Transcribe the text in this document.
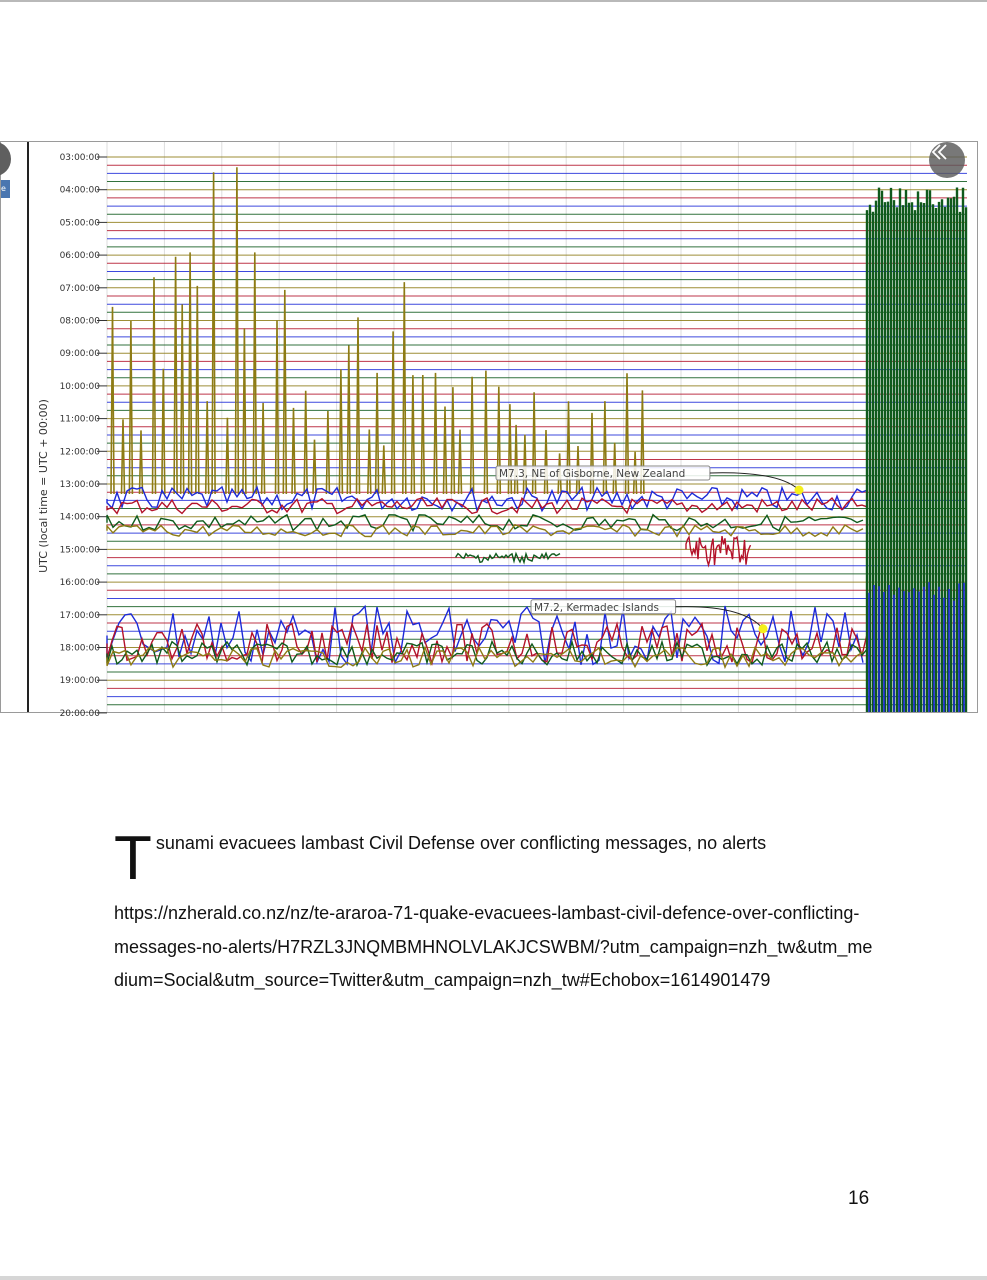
03:00:00
04:00:00
05:00:00
06:00:00
07:00:00
08:00:00
09:00:00
10:00:00
11:00:00
12:00:00
13:00:00
14:00:00
15:00:00
16:00:00
17:00:00
18:00:00
19:00:00
20:00:00
UTC (local time = UTC + 00:00)	M7.3, NE of Gisborne, New Zealand
M7.2, Kermadec Islands
e
T sunami evacuees lambast Civil Defense over conflicting messages, no alerts
https://nzherald.co.nz/nz/te-araroa-71-quake-evacuees-lambast-civil-defence-over-conflicting-messages-no-alerts/H7RZL3JNQMBMHNOLVLAKJCSWBM/?utm_campaign=nzh_tw&utm_medium=Social&utm_source=Twitter&utm_campaign=nzh_tw#Echobox=1614901479
16
